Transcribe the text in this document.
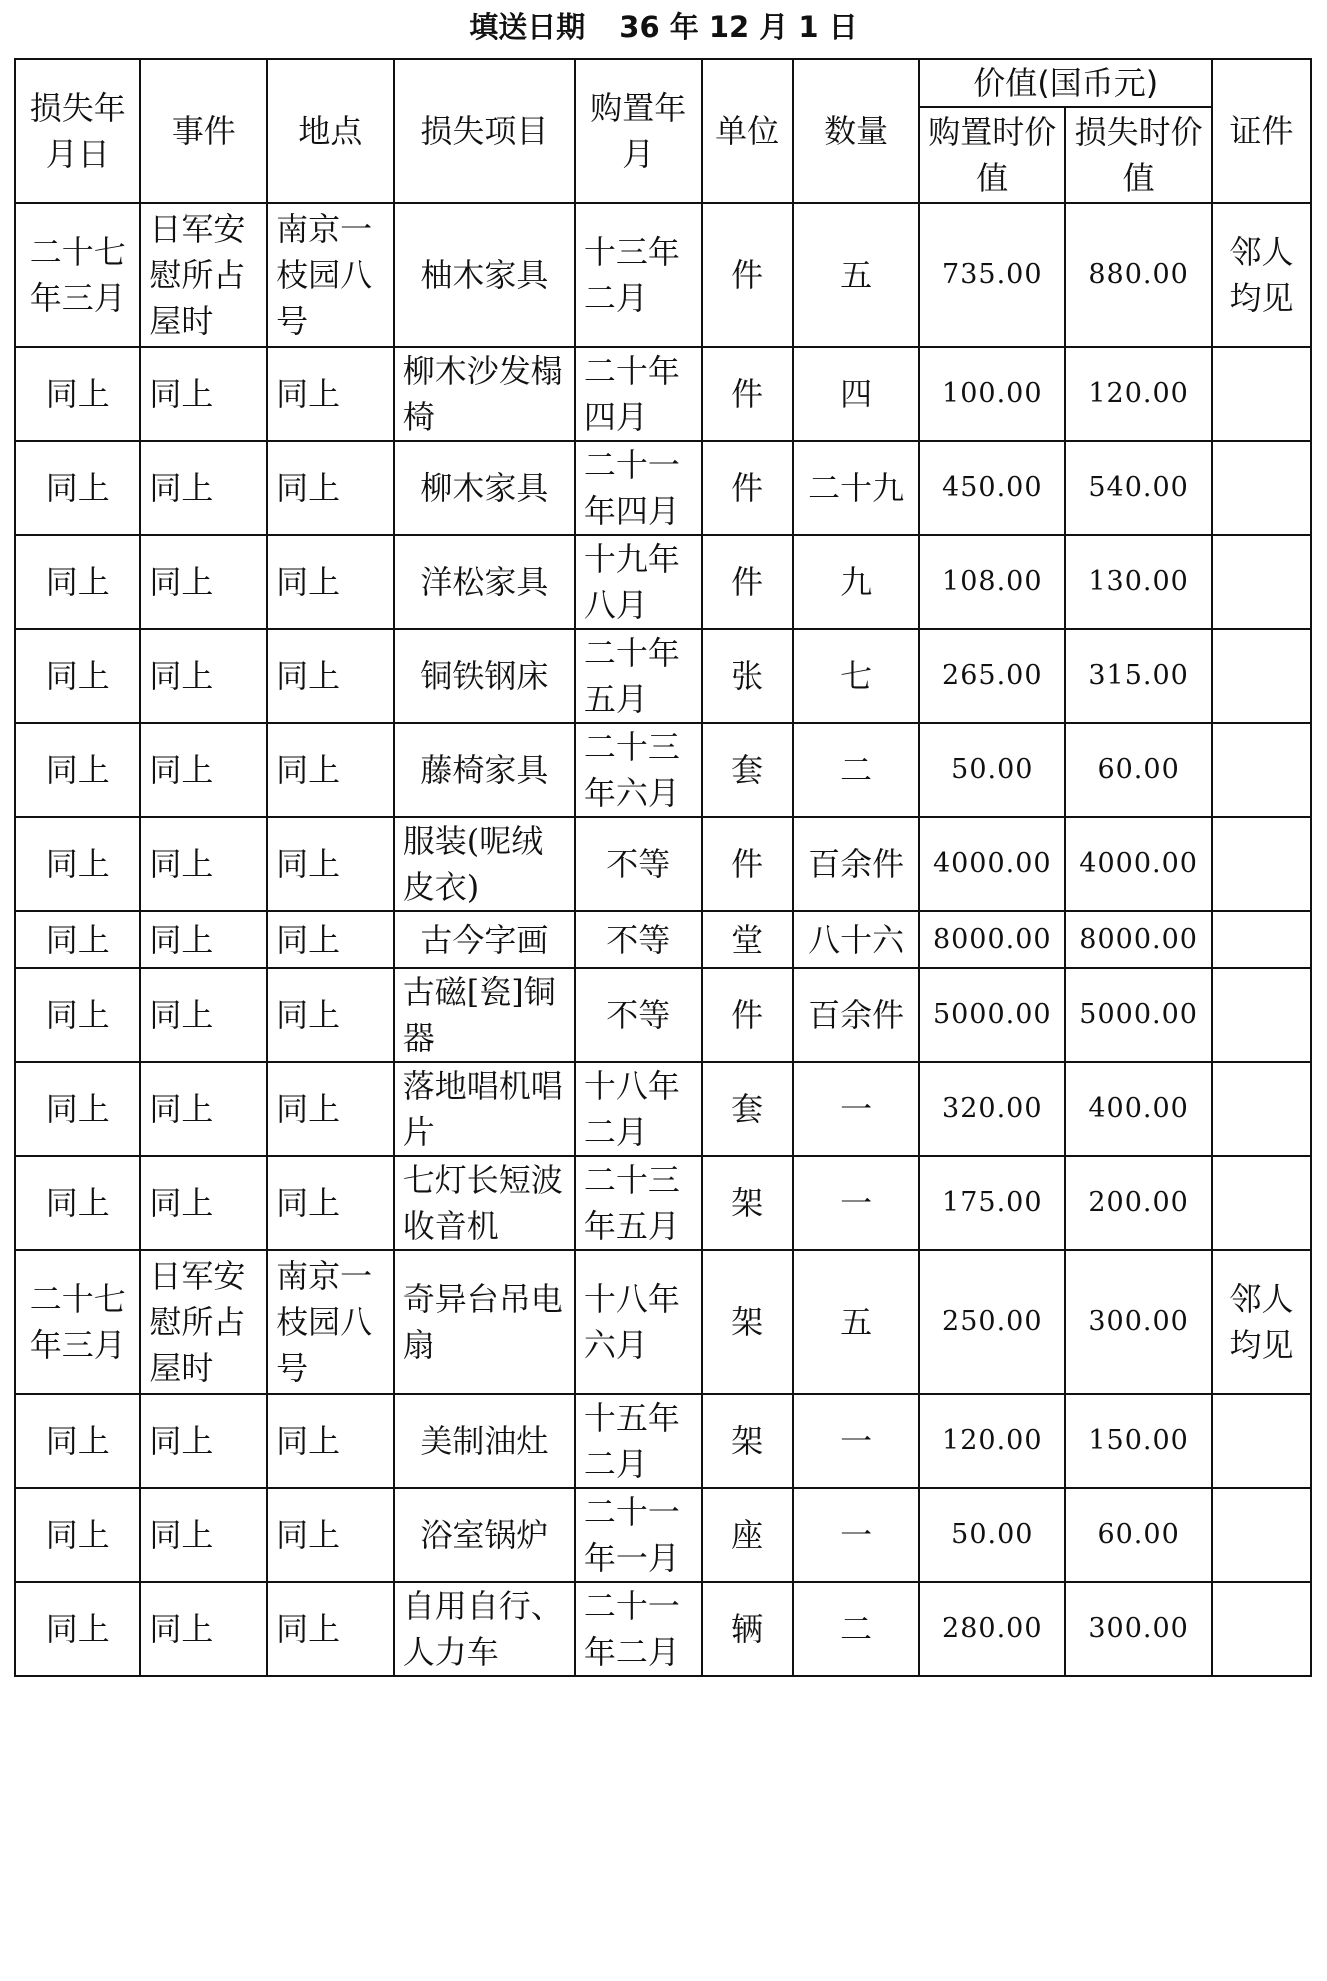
填送日期 36 年 12 月 1 日
损失年月日	事件	地点	损失项目	购置年月	单位	数量	价值(国币元)		证件
							购置时价值	损失时价值	
二十七年三月	日军安慰所占屋时	南京一枝园八号	柚木家具	十三年二月	件	五	735.00	880.00	邻人均见
同上	同上	同上	柳木沙发榻椅	二十年四月	件	四	100.00	120.00	
同上	同上	同上	柳木家具	二十一年四月	件	二十九	450.00	540.00	
同上	同上	同上	洋松家具	十九年八月	件	九	108.00	130.00	
同上	同上	同上	铜铁钢床	二十年五月	张	七	265.00	315.00	
同上	同上	同上	藤椅家具	二十三年六月	套	二	50.00	60.00	
同上	同上	同上	服装(呢绒皮衣)	不等	件	百余件	4000.00	4000.00	
同上	同上	同上	古今字画	不等	堂	八十六	8000.00	8000.00	
同上	同上	同上	古磁[瓷]铜器	不等	件	百余件	5000.00	5000.00	
同上	同上	同上	落地唱机唱片	十八年二月	套	一	320.00	400.00	
同上	同上	同上	七灯长短波收音机	二十三年五月	架	一	175.00	200.00	
二十七年三月	日军安慰所占屋时	南京一枝园八号	奇异台吊电扇	十八年六月	架	五	250.00	300.00	邻人均见
同上	同上	同上	美制油灶	十五年二月	架	一	120.00	150.00	
同上	同上	同上	浴室锅炉	二十一年一月	座	一	50.00	60.00	
同上	同上	同上	自用自行、人力车	二十一年二月	辆	二	280.00	300.00	
